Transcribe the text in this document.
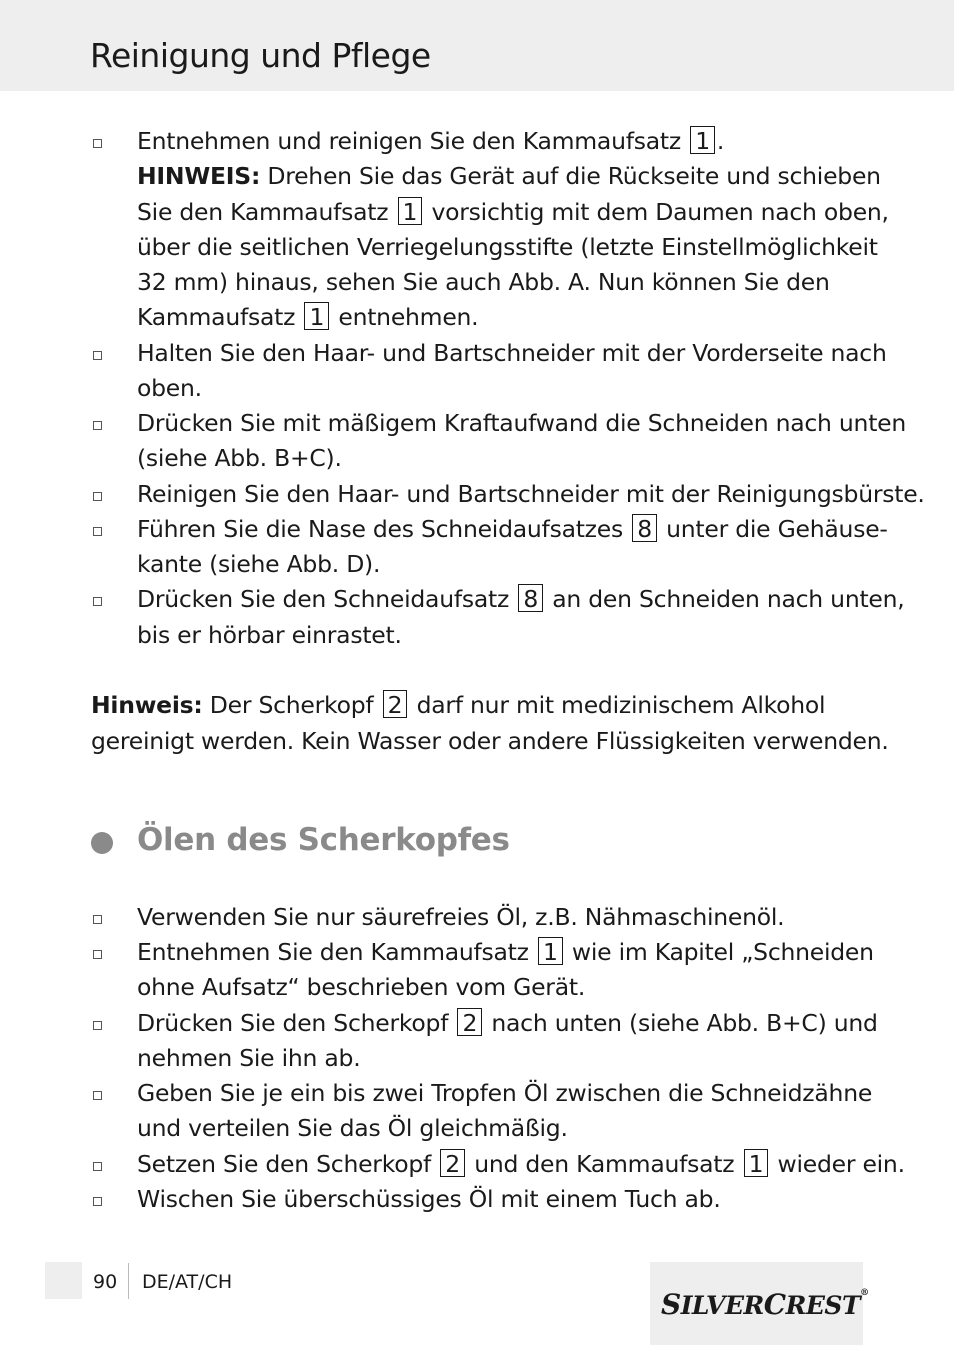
Reinigung und Pflege
Entnehmen und reinigen Sie den Kammaufsatz 1 .
HINWEIS: Drehen Sie das Gerät auf die Rückseite und schieben
Sie den Kammaufsatz 1 vorsichtig mit dem Daumen nach oben,
über die seitlichen Verriegelungsstifte (letzte Einstellmöglichkeit
32 mm) hinaus, sehen Sie auch Abb. A. Nun können Sie den
Kammaufsatz 1 entnehmen.
Halten Sie den Haar- und Bartschneider mit der Vorderseite nach
oben.
Drücken Sie mit mäßigem Kraftaufwand die Schneiden nach unten
(siehe Abb. B+C).
Reinigen Sie den Haar- und Bartschneider mit der Reinigungsbürste.
Führen Sie die Nase des Schneidaufsatzes 8 unter die Gehäuse-
kante (siehe Abb. D).
Drücken Sie den Schneidaufsatz 8 an den Schneiden nach unten,
bis er hörbar einrastet.
Hinweis: Der Scherkopf 2 darf nur mit medizinischem Alkohol
gereinigt werden. Kein Wasser oder andere Flüssigkeiten verwenden.
Ölen des Scherkopfes
Verwenden Sie nur säurefreies Öl, z.B. Nähmaschinenöl.
Entnehmen Sie den Kammaufsatz 1 wie im Kapitel „Schneiden
ohne Aufsatz“ beschrieben vom Gerät.
Drücken Sie den Scherkopf 2 nach unten (siehe Abb. B+C) und
nehmen Sie ihn ab.
Geben Sie je ein bis zwei Tropfen Öl zwischen die Schneidzähne
und verteilen Sie das Öl gleichmäßig.
Setzen Sie den Scherkopf 2 und den Kammaufsatz 1 wieder ein.
Wischen Sie überschüssiges Öl mit einem Tuch ab.
90 DE/AT/CH
SILVERCREST®
